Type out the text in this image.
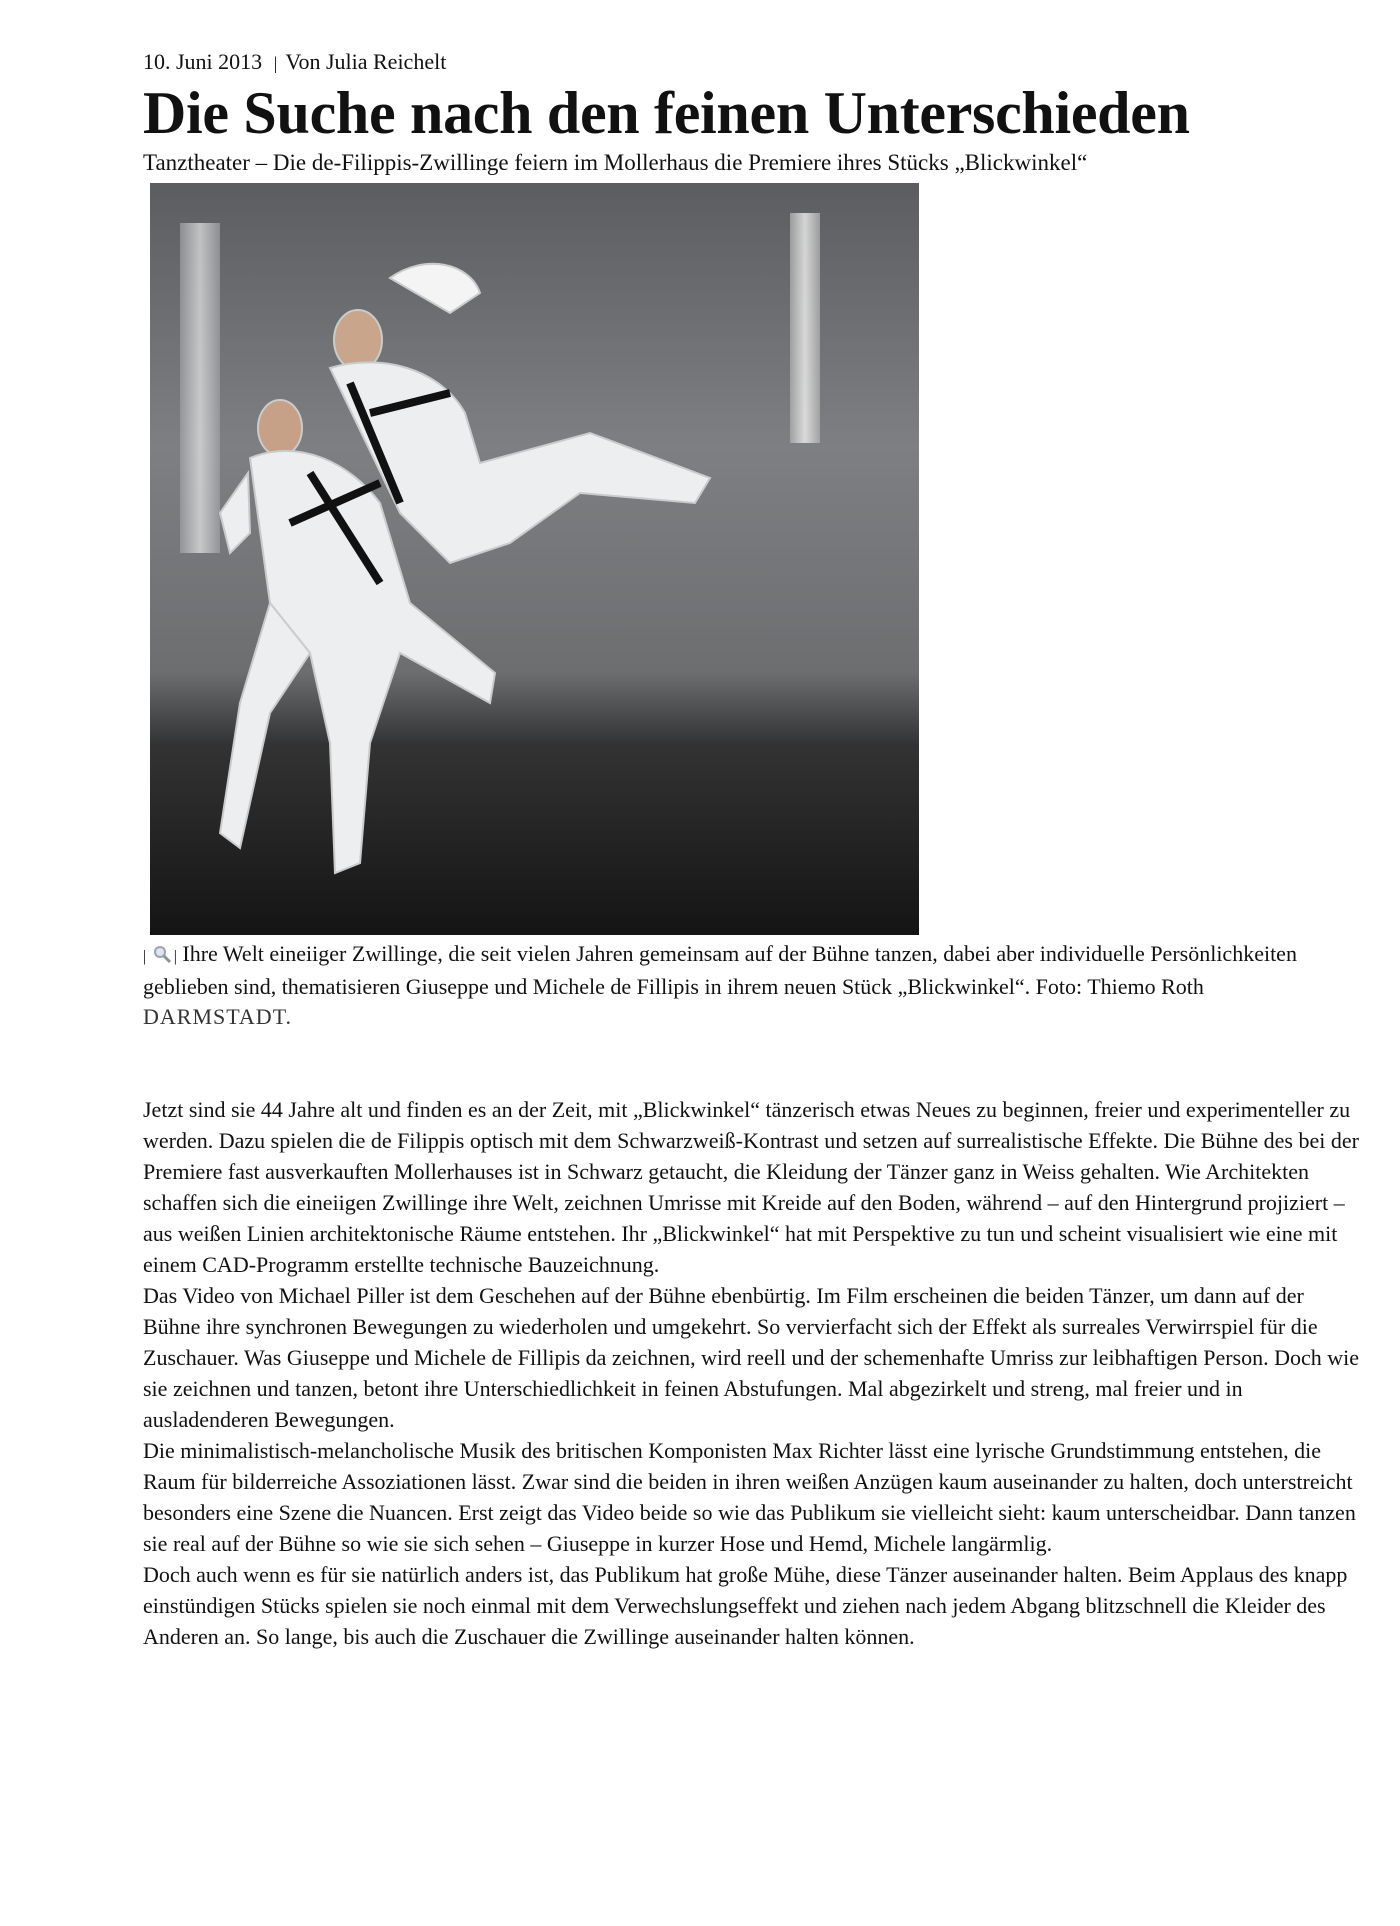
10. Juni 2013 | Von Julia Reichelt
Die Suche nach den feinen Unterschieden
Tanztheater – Die de-Filippis-Zwillinge feiern im Mollerhaus die Premiere ihres Stücks „Blickwinkel“
| | Ihre Welt eineiiger Zwillinge, die seit vielen Jahren gemeinsam auf der Bühne tanzen, dabei aber individuelle Persönlichkeiten geblieben sind, thematisieren Giuseppe und Michele de Fillipis in ihrem neuen Stück „Blickwinkel“. Foto: Thiemo Roth
DARMSTADT.

Jetzt sind sie 44 Jahre alt und finden es an der Zeit, mit „Blickwinkel“ tänzerisch etwas Neues zu beginnen, freier und experimenteller zu werden. Dazu spielen die de Filippis optisch mit dem Schwarzweiß-Kontrast und setzen auf surrealistische Effekte. Die Bühne des bei der Premiere fast ausverkauften Mollerhauses ist in Schwarz getaucht, die Kleidung der Tänzer ganz in Weiss gehalten. Wie Architekten schaffen sich die eineiigen Zwillinge ihre Welt, zeichnen Umrisse mit Kreide auf den Boden, während – auf den Hintergrund projiziert – aus weißen Linien architektonische Räume entstehen. Ihr „Blickwinkel“ hat mit Perspektive zu tun und scheint visualisiert wie eine mit einem CAD-Programm erstellte technische Bauzeichnung.

Das Video von Michael Piller ist dem Geschehen auf der Bühne ebenbürtig. Im Film erscheinen die beiden Tänzer, um dann auf der Bühne ihre synchronen Bewegungen zu wiederholen und umgekehrt. So vervierfacht sich der Effekt als surreales Verwirrspiel für die Zuschauer. Was Giuseppe und Michele de Fillipis da zeichnen, wird reell und der schemenhafte Umriss zur leibhaftigen Person. Doch wie sie zeichnen und tanzen, betont ihre Unterschiedlichkeit in feinen Abstufungen. Mal abgezirkelt und streng, mal freier und in ausladenderen Bewegungen.

Die minimalistisch-melancholische Musik des britischen Komponisten Max Richter lässt eine lyrische Grundstimmung entstehen, die Raum für bilderreiche Assoziationen lässt. Zwar sind die beiden in ihren weißen Anzügen kaum auseinander zu halten, doch unterstreicht besonders eine Szene die Nuancen. Erst zeigt das Video beide so wie das Publikum sie vielleicht sieht: kaum unterscheidbar. Dann tanzen sie real auf der Bühne so wie sie sich sehen – Giuseppe in kurzer Hose und Hemd, Michele langärmlig.

Doch auch wenn es für sie natürlich anders ist, das Publikum hat große Mühe, diese Tänzer auseinander halten. Beim Applaus des knapp einstündigen Stücks spielen sie noch einmal mit dem Verwechslungseffekt und ziehen nach jedem Abgang blitzschnell die Kleider des Anderen an. So lange, bis auch die Zuschauer die Zwillinge auseinander halten können.
